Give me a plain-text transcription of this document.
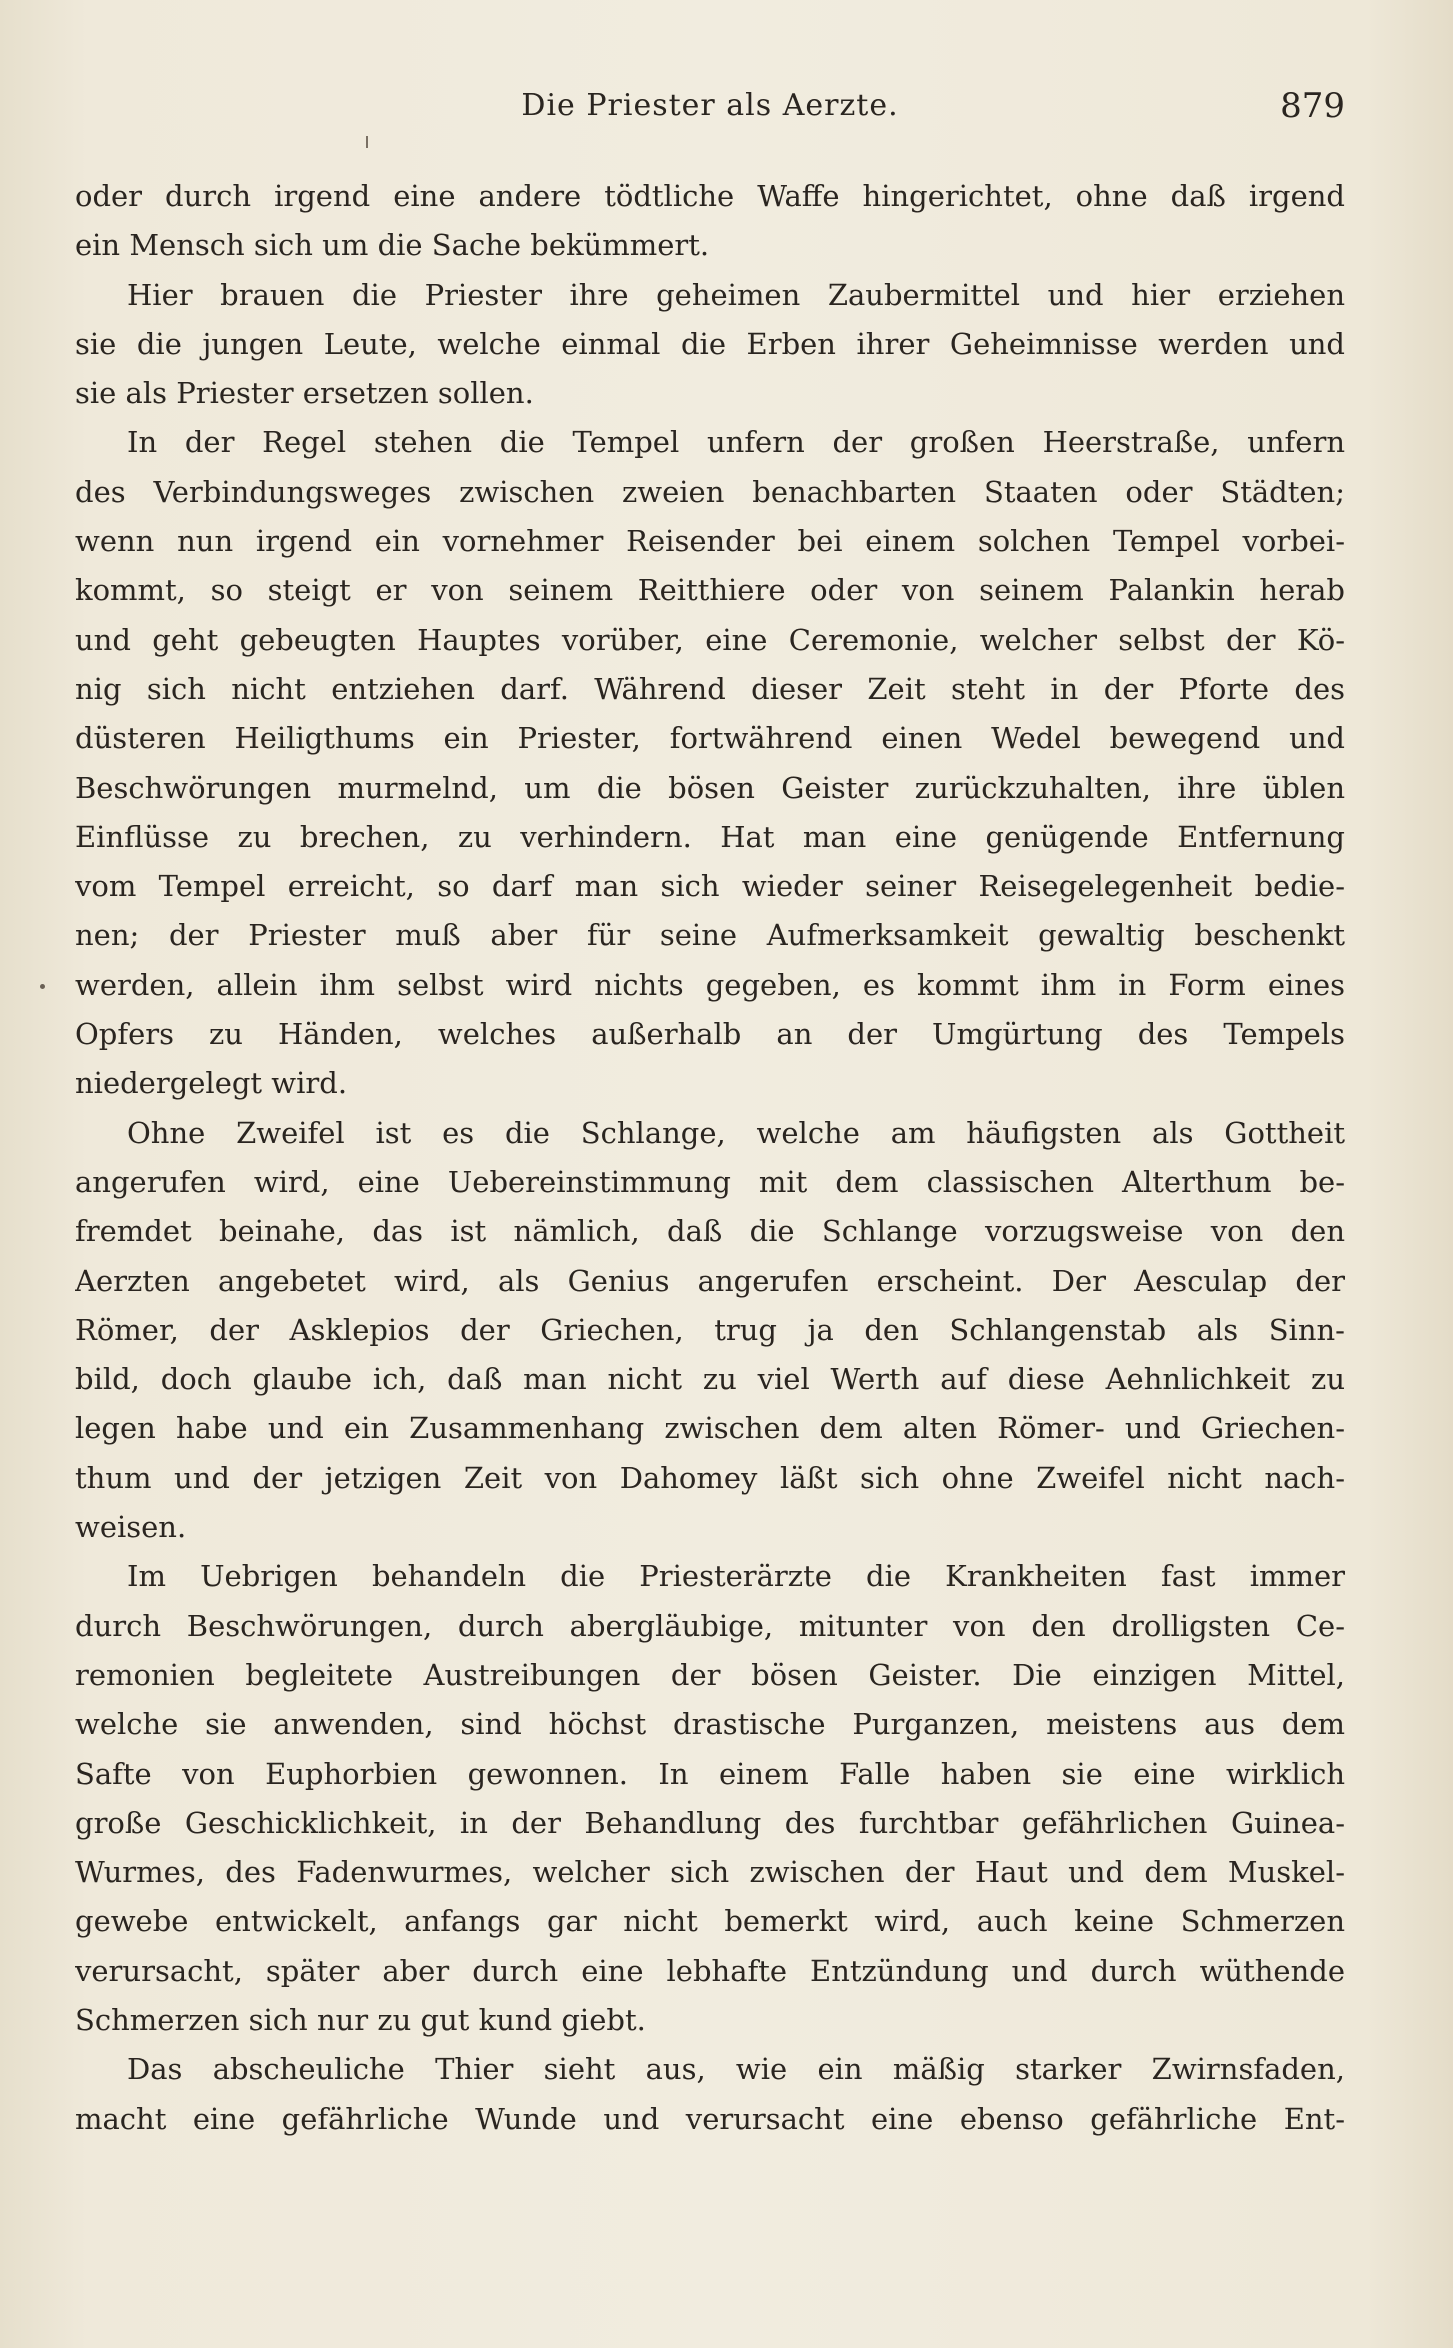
Die Priester als Aerzte.	879
oder durch irgend eine andere tödtliche Waffe hingerichtet, ohne daß irgend
ein Mensch sich um die Sache bekümmert.
Hier brauen die Priester ihre geheimen Zaubermittel und hier erziehen
sie die jungen Leute, welche einmal die Erben ihrer Geheimnisse werden und
sie als Priester ersetzen sollen.
In der Regel stehen die Tempel unfern der großen Heerstraße, unfern
des Verbindungsweges zwischen zweien benachbarten Staaten oder Städten;
wenn nun irgend ein vornehmer Reisender bei einem solchen Tempel vorbei-
kommt, so steigt er von seinem Reitthiere oder von seinem Palankin herab
und geht gebeugten Hauptes vorüber, eine Ceremonie, welcher selbst der Kö-
nig sich nicht entziehen darf. Während dieser Zeit steht in der Pforte des
düsteren Heiligthums ein Priester, fortwährend einen Wedel bewegend und
Beschwörungen murmelnd, um die bösen Geister zurückzuhalten, ihre üblen
Einflüsse zu brechen, zu verhindern. Hat man eine genügende Entfernung
vom Tempel erreicht, so darf man sich wieder seiner Reisegelegenheit bedie-
nen; der Priester muß aber für seine Aufmerksamkeit gewaltig beschenkt
werden, allein ihm selbst wird nichts gegeben, es kommt ihm in Form eines
Opfers zu Händen, welches außerhalb an der Umgürtung des Tempels
niedergelegt wird.
Ohne Zweifel ist es die Schlange, welche am häufigsten als Gottheit
angerufen wird, eine Uebereinstimmung mit dem classischen Alterthum be-
fremdet beinahe, das ist nämlich, daß die Schlange vorzugsweise von den
Aerzten angebetet wird, als Genius angerufen erscheint. Der Aesculap der
Römer, der Asklepios der Griechen, trug ja den Schlangenstab als Sinn-
bild, doch glaube ich, daß man nicht zu viel Werth auf diese Aehnlichkeit zu
legen habe und ein Zusammenhang zwischen dem alten Römer- und Griechen-
thum und der jetzigen Zeit von Dahomey läßt sich ohne Zweifel nicht nach-
weisen.
Im Uebrigen behandeln die Priesterärzte die Krankheiten fast immer
durch Beschwörungen, durch abergläubige, mitunter von den drolligsten Ce-
remonien begleitete Austreibungen der bösen Geister. Die einzigen Mittel,
welche sie anwenden, sind höchst drastische Purganzen, meistens aus dem
Safte von Euphorbien gewonnen. In einem Falle haben sie eine wirklich
große Geschicklichkeit, in der Behandlung des furchtbar gefährlichen Guinea-
Wurmes, des Fadenwurmes, welcher sich zwischen der Haut und dem Muskel-
gewebe entwickelt, anfangs gar nicht bemerkt wird, auch keine Schmerzen
verursacht, später aber durch eine lebhafte Entzündung und durch wüthende
Schmerzen sich nur zu gut kund giebt.
Das abscheuliche Thier sieht aus, wie ein mäßig starker Zwirnsfaden,
macht eine gefährliche Wunde und verursacht eine ebenso gefährliche Ent-
